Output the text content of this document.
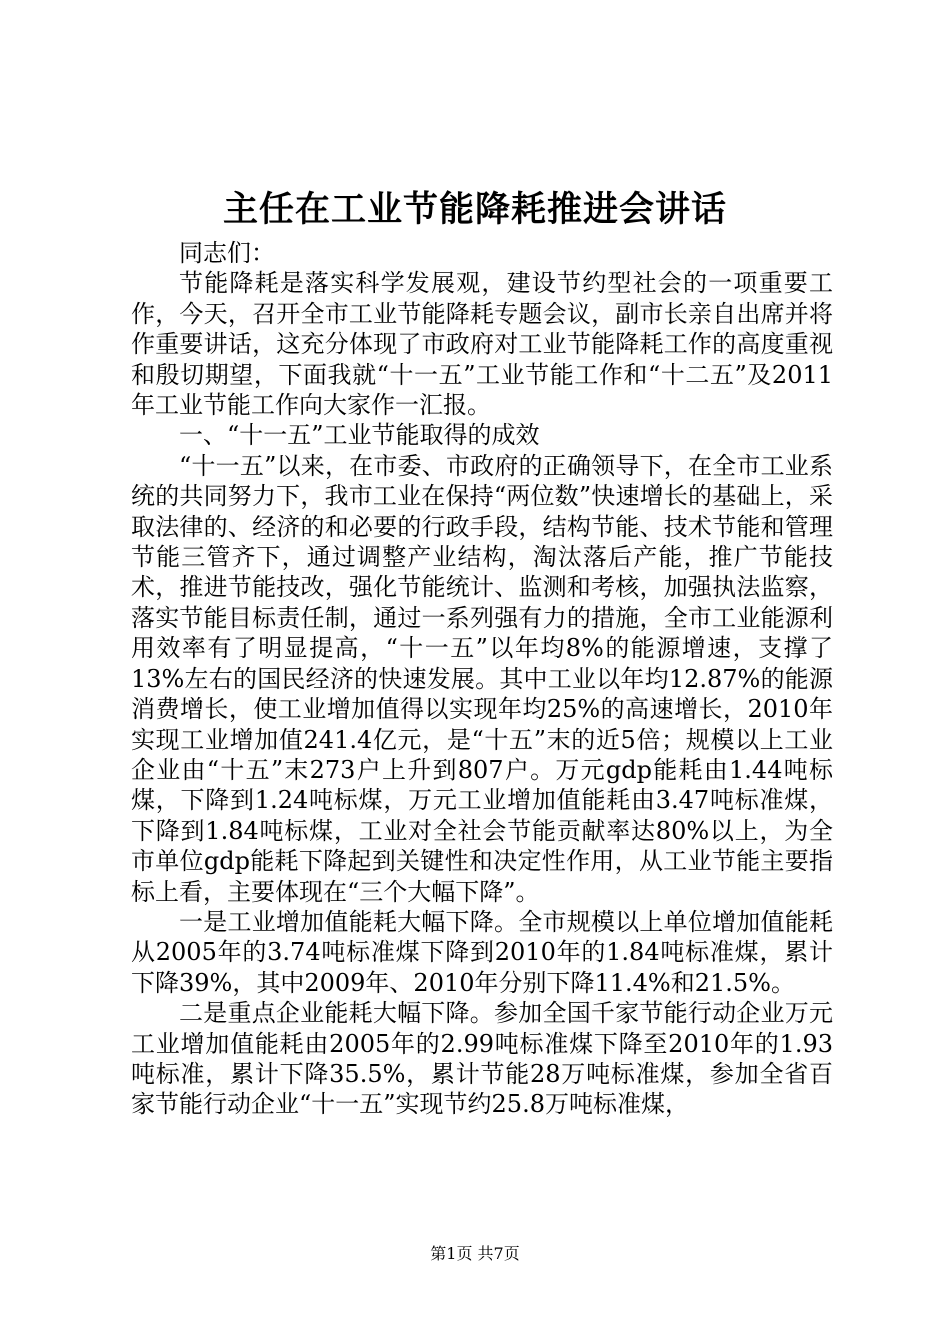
主任在工业节能降耗推进会讲话

同志们：

节能降耗是落实科学发展观，建设节约型社会的一项重要工作，今天，召开全市工业节能降耗专题会议，副市长亲自出席并将作重要讲话，这充分体现了市政府对工业节能降耗工作的高度重视和殷切期望，下面我就“十一五”工业节能工作和“十二五”及2011年工业节能工作向大家作一汇报。

一、“十一五”工业节能取得的成效

“十一五”以来，在市委、市政府的正确领导下，在全市工业系统的共同努力下，我市工业在保持“两位数”快速增长的基础上，采取法律的、经济的和必要的行政手段，结构节能、技术节能和管理节能三管齐下，通过调整产业结构，淘汰落后产能，推广节能技术，推进节能技改，强化节能统计、监测和考核，加强执法监察，落实节能目标责任制，通过一系列强有力的措施，全市工业能源利用效率有了明显提高，“十一五”以年均8%的能源增速，支撑了13%左右的国民经济的快速发展。其中工业以年均12.87%的能源消费增长，使工业增加值得以实现年均25%的高速增长，2010年实现工业增加值241.4亿元，是“十五”末的近5倍；规模以上工业企业由“十五”末273户上升到807户。万元gdp能耗由1.44吨标煤，下降到1.24吨标煤，万元工业增加值能耗由3.47吨标准煤，下降到1.84吨标煤，工业对全社会节能贡献率达80%以上，为全市单位gdp能耗下降起到关键性和决定性作用，从工业节能主要指标上看，主要体现在“三个大幅下降”。

一是工业增加值能耗大幅下降。全市规模以上单位增加值能耗从2005年的3.74吨标准煤下降到2010年的1.84吨标准煤，累计下降39%，其中2009年、2010年分别下降11.4%和21.5%。

二是重点企业能耗大幅下降。参加全国千家节能行动企业万元工业增加值能耗由2005年的2.99吨标准煤下降至2010年的1.93吨标准，累计下降35.5%，累计节能28万吨标准煤，参加全省百家节能行动企业“十一五”实现节约25.8万吨标准煤，

第1页 共7页
